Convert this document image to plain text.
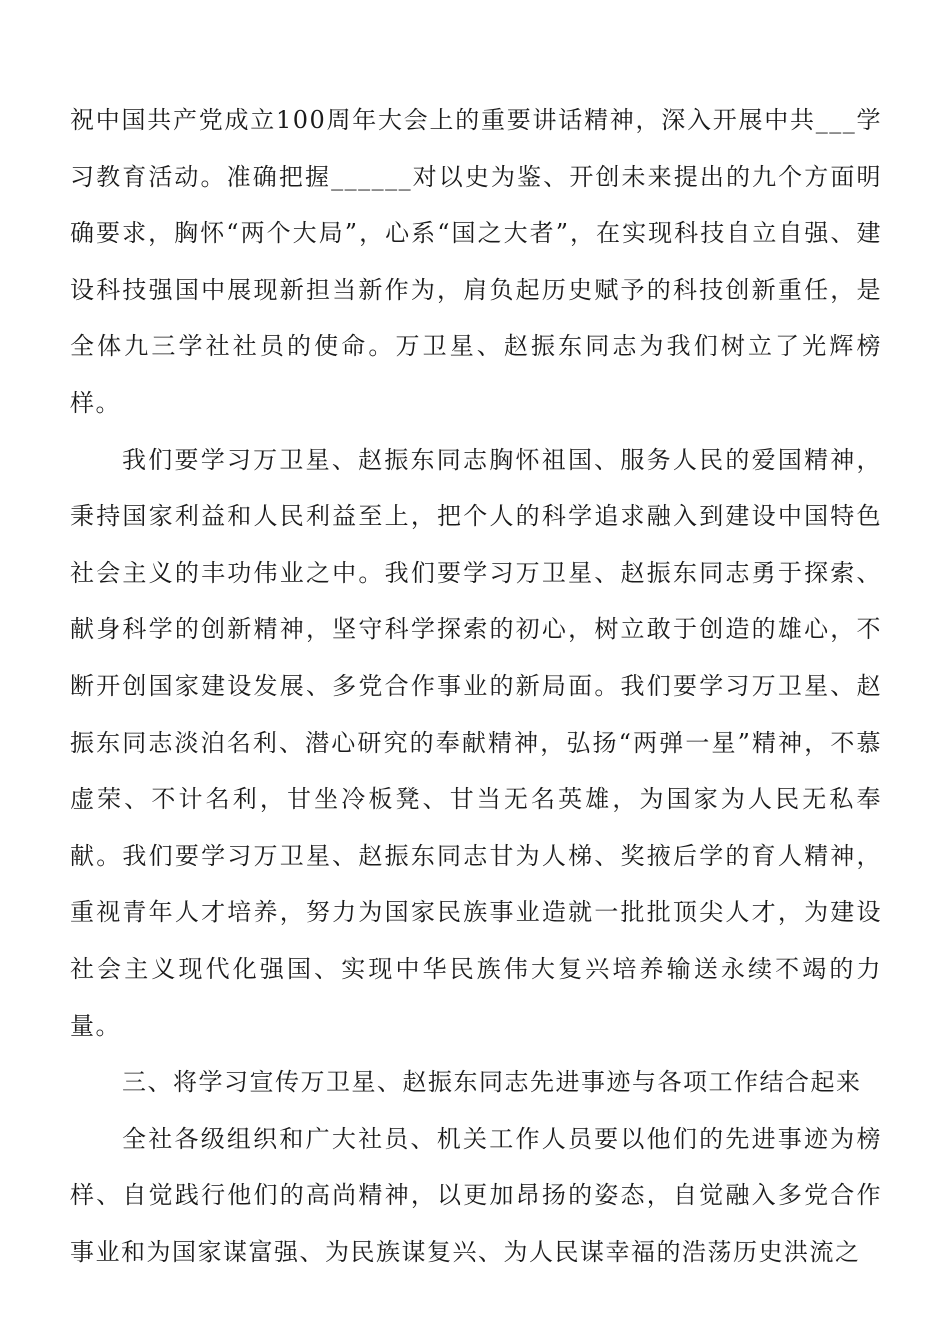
祝中国共产党成立100周年大会上的重要讲话精神，深入开展中共___学习教育活动。准确把握______对以史为鉴、开创未来提出的九个方面明确要求，胸怀“两个大局”，心系“国之大者”，在实现科技自立自强、建设科技强国中展现新担当新作为，肩负起历史赋予的科技创新重任，是全体九三学社社员的使命。万卫星、赵振东同志为我们树立了光辉榜样。

我们要学习万卫星、赵振东同志胸怀祖国、服务人民的爱国精神，秉持国家利益和人民利益至上，把个人的科学追求融入到建设中国特色社会主义的丰功伟业之中。我们要学习万卫星、赵振东同志勇于探索、献身科学的创新精神，坚守科学探索的初心，树立敢于创造的雄心，不断开创国家建设发展、多党合作事业的新局面。我们要学习万卫星、赵振东同志淡泊名利、潜心研究的奉献精神，弘扬“两弹一星”精神，不慕虚荣、不计名利，甘坐冷板凳、甘当无名英雄，为国家为人民无私奉献。我们要学习万卫星、赵振东同志甘为人梯、奖掖后学的育人精神，重视青年人才培养，努力为国家民族事业造就一批批顶尖人才，为建设社会主义现代化强国、实现中华民族伟大复兴培养输送永续不竭的力量。

三、将学习宣传万卫星、赵振东同志先进事迹与各项工作结合起来

全社各级组织和广大社员、机关工作人员要以他们的先进事迹为榜样、自觉践行他们的高尚精神，以更加昂扬的姿态，自觉融入多党合作事业和为国家谋富强、为民族谋复兴、为人民谋幸福的浩荡历史洪流之
